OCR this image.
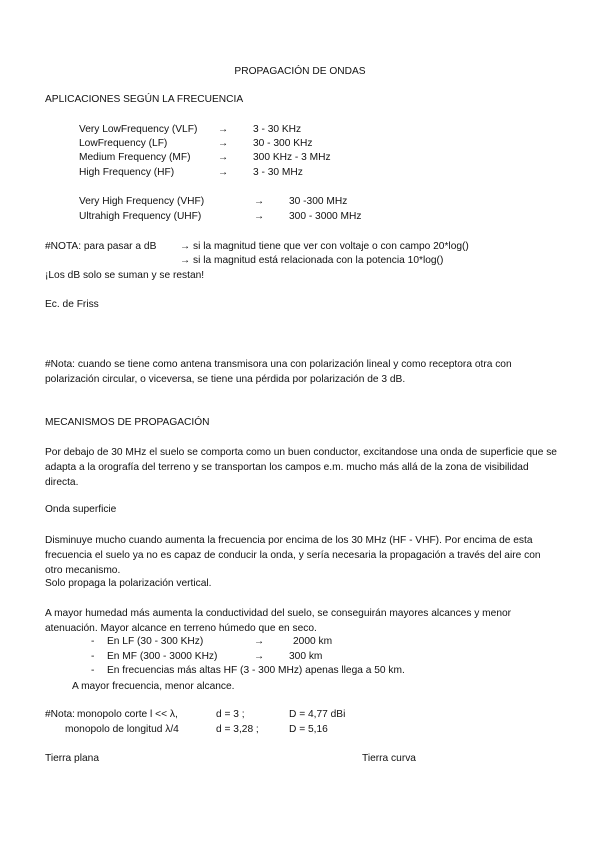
PROPAGACIÓN DE ONDAS
APLICACIONES SEGÚN LA FRECUENCIA
Very LowFrequency (VLF) → 3 - 30 KHz
LowFrequency (LF)	→ 30 - 300 KHz
Medium Frequency (MF)	→ 300 KHz - 3 MHz
High Frequency (HF)	→ 3 - 30 MHz
Very High Frequency (VHF)	→ 30 -300 MHz
Ultrahigh Frequency (UHF)	→ 300 - 3000 MHz
#NOTA: para pasar a dB → si la magnitud tiene que ver con voltaje o con campo 20*log()
→ si la magnitud está relacionada con la potencia 10*log()
¡Los dB solo se suman y se restan!
Ec. de Friss
#Nota: cuando se tiene como antena transmisora una con polarización lineal y como receptora otra con polarización circular, o viceversa, se tiene una pérdida por polarización de 3 dB.
MECANISMOS DE PROPAGACIÓN
Por debajo de 30 MHz el suelo se comporta como un buen conductor, excitandose una onda de superficie que se adapta a la orografía del terreno y se transportan los campos e.m. mucho más allá de la zona de visibilidad directa.
Onda superficie
Disminuye mucho cuando aumenta la frecuencia por encima de los 30 MHz (HF - VHF). Por encima de esta frecuencia el suelo ya no es capaz de conducir la onda, y sería necesaria la propagación a través del aire con otro mecanismo.
Solo propaga la polarización vertical.
A mayor humedad más aumenta la conductividad del suelo, se conseguirán mayores alcances y menor atenuación. Mayor alcance en terreno húmedo que en seco.
- En LF (30 - 300 KHz)	→	2000 km
- En MF (300 - 3000 KHz)	→ 300 km
- En frecuencias más altas HF (3 - 300 MHz) apenas llega a 50 km.
A mayor frecuencia, menor alcance.
#Nota: monopolo corte l << λ,	d = 3 ;	D = 4,77 dBi
monopolo de longitud λ/4	d = 3,28 ;	D = 5,16
Tierra plana	Tierra curva
